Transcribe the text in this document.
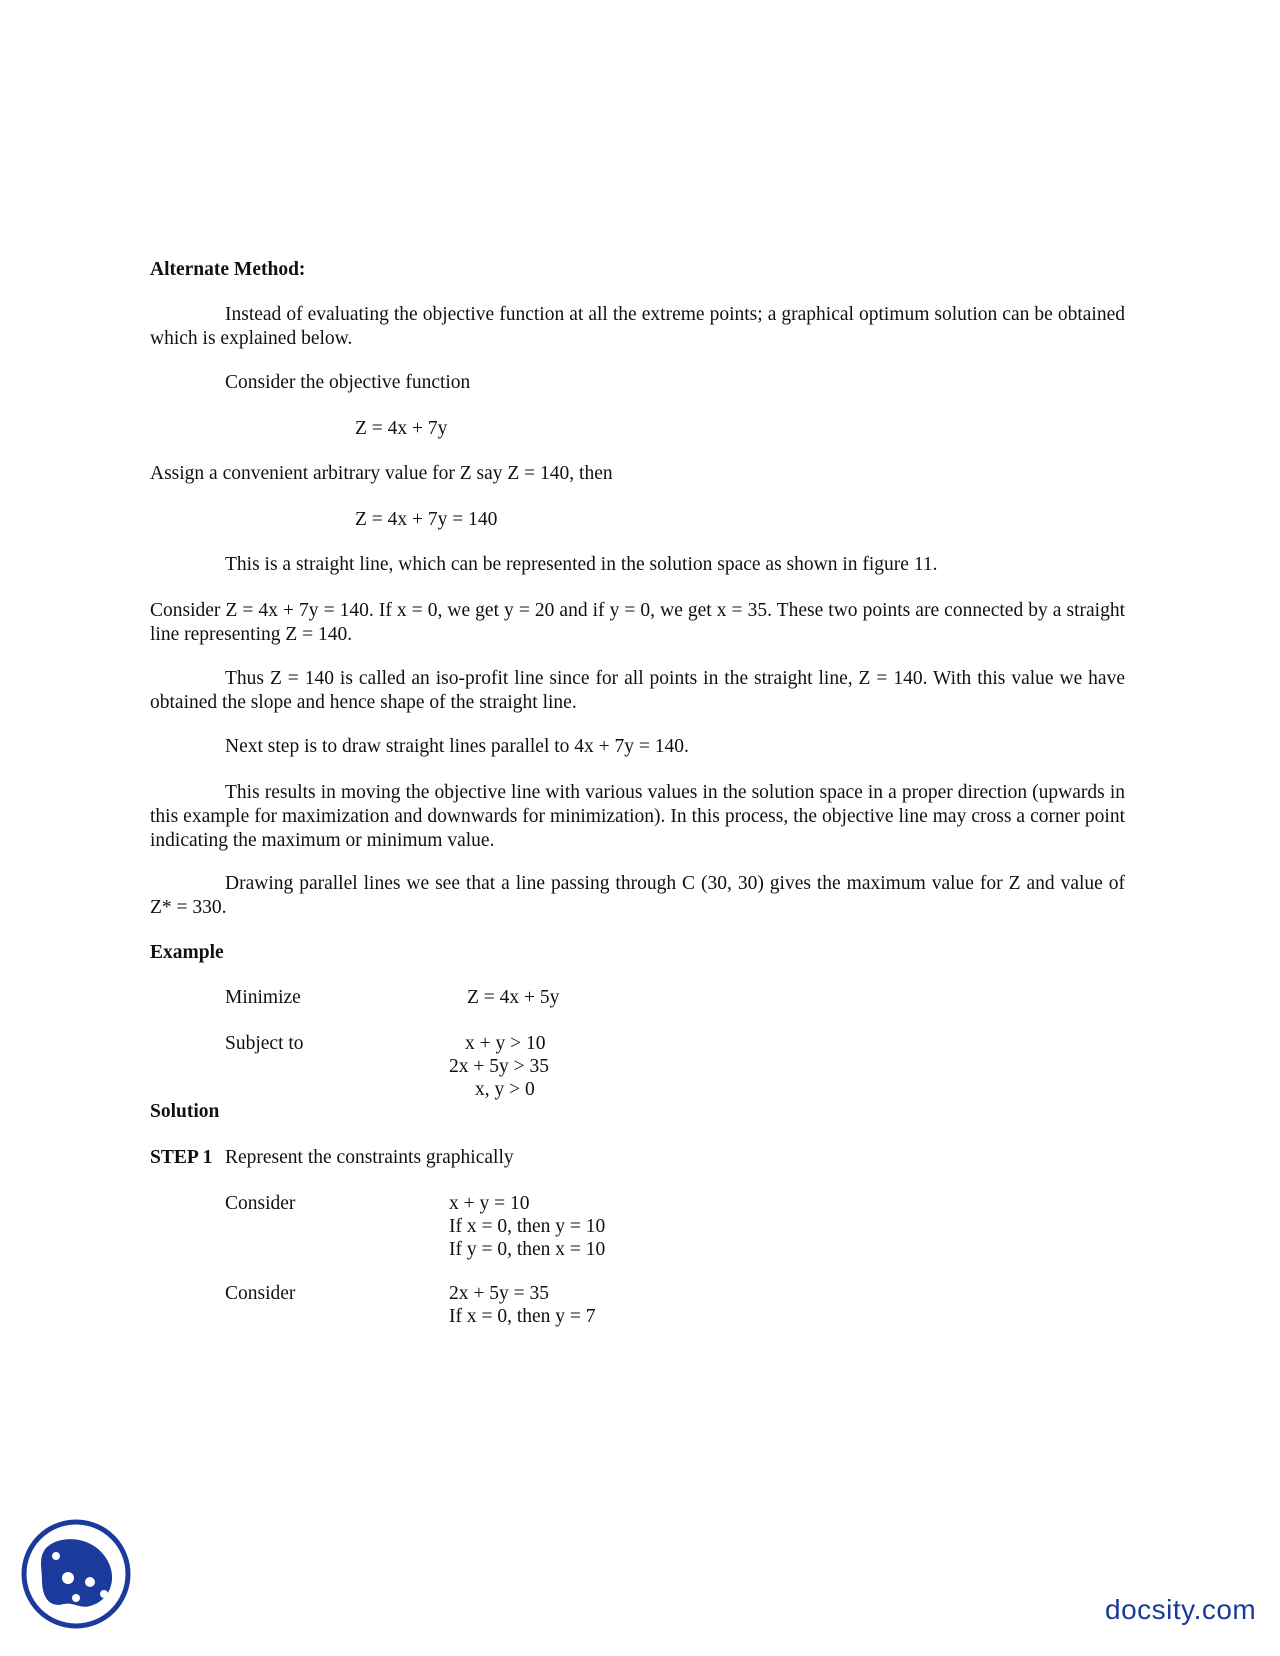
Alternate Method:
Instead of evaluating the objective function at all the extreme points; a graphical optimum solution can be obtained which is explained below.
Consider the objective function
Z = 4x + 7y
Assign a convenient arbitrary value for Z say Z = 140, then
Z = 4x + 7y = 140
This is a straight line, which can be represented in the solution space as shown in figure 11.
Consider Z = 4x + 7y = 140. If x = 0, we get y = 20 and if y = 0, we get x = 35. These two points are connected by a straight line representing Z = 140.
Thus Z = 140 is called an iso-profit line since for all points in the straight line, Z = 140. With this value we have obtained the slope and hence shape of the straight line.
Next step is to draw straight lines parallel to 4x + 7y = 140.
This results in moving the objective line with various values in the solution space in a proper direction (upwards in this example for maximization and downwards for minimization). In this process, the objective line may cross a corner point indicating the maximum or minimum value.
Drawing parallel lines we see that a line passing through C (30, 30) gives the maximum value for Z and value of Z* = 330.
Example
Minimize	Z = 4x + 5y
Subject to	x + y > 10
2x + 5y > 35
x, y > 0
Solution
STEP 1 Represent the constraints graphically
Consider	x + y = 10
If x = 0, then y = 10
If y = 0, then x = 10
Consider	2x + 5y = 35
If x = 0, then y = 7
docsity.com
